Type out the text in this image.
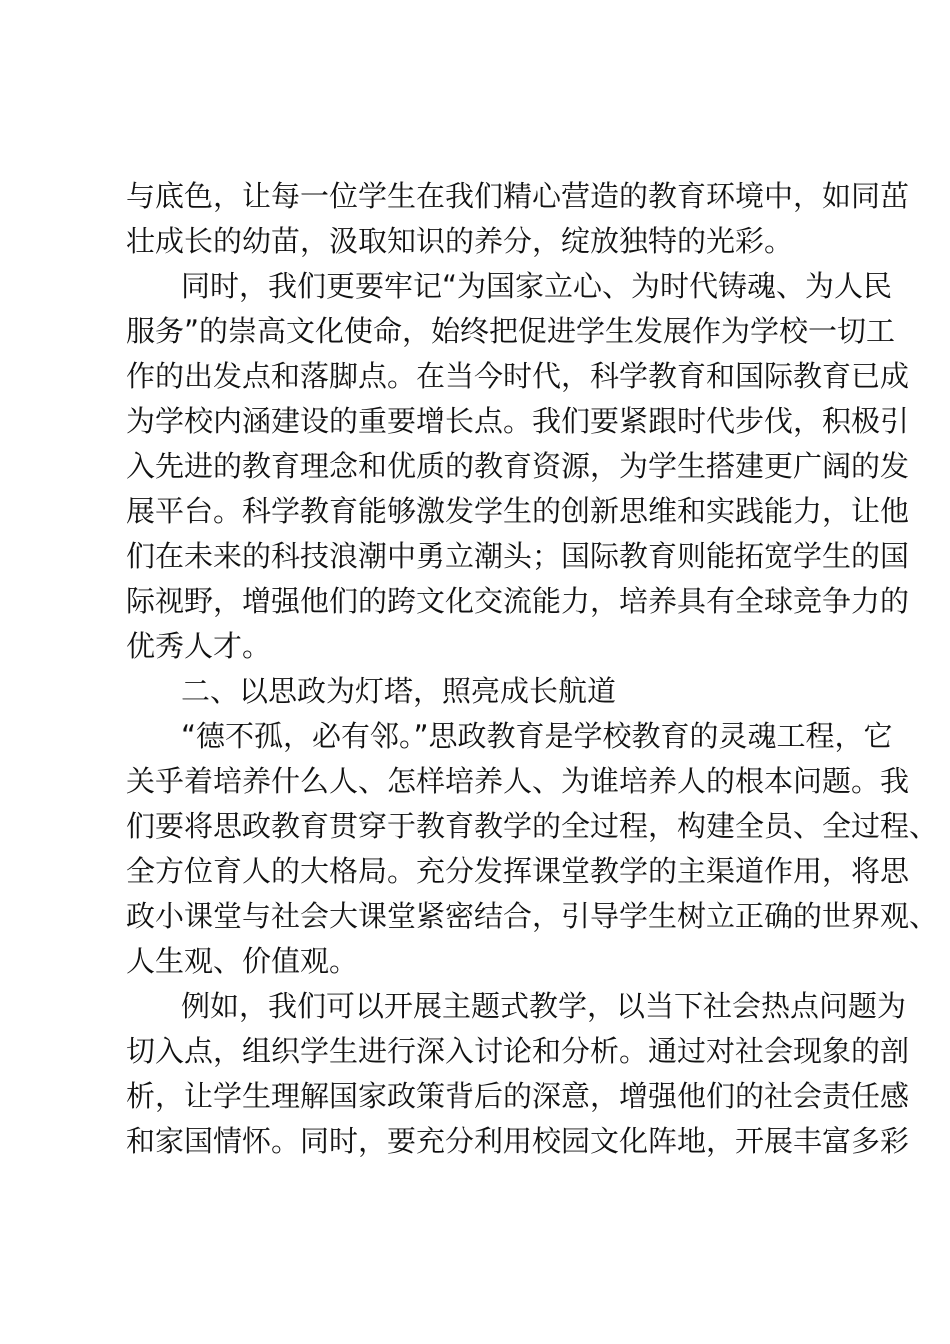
与底色，让每一位学生在我们精心营造的教育环境中，如同茁
壮成长的幼苗，汲取知识的养分，绽放独特的光彩。
同时，我们更要牢记“为国家立心、为时代铸魂、为人民
服务”的崇高文化使命，始终把促进学生发展作为学校一切工
作的出发点和落脚点。在当今时代，科学教育和国际教育已成
为学校内涵建设的重要增长点。我们要紧跟时代步伐，积极引
入先进的教育理念和优质的教育资源，为学生搭建更广阔的发
展平台。科学教育能够激发学生的创新思维和实践能力，让他
们在未来的科技浪潮中勇立潮头；国际教育则能拓宽学生的国
际视野，增强他们的跨文化交流能力，培养具有全球竞争力的
优秀人才。
二、以思政为灯塔，照亮成长航道
“德不孤，必有邻。”思政教育是学校教育的灵魂工程，它
关乎着培养什么人、怎样培养人、为谁培养人的根本问题。我
们要将思政教育贯穿于教育教学的全过程，构建全员、全过程、
全方位育人的大格局。充分发挥课堂教学的主渠道作用，将思
政小课堂与社会大课堂紧密结合，引导学生树立正确的世界观、
人生观、价值观。
例如，我们可以开展主题式教学，以当下社会热点问题为
切入点，组织学生进行深入讨论和分析。通过对社会现象的剖
析，让学生理解国家政策背后的深意，增强他们的社会责任感
和家国情怀。同时，要充分利用校园文化阵地，开展丰富多彩
